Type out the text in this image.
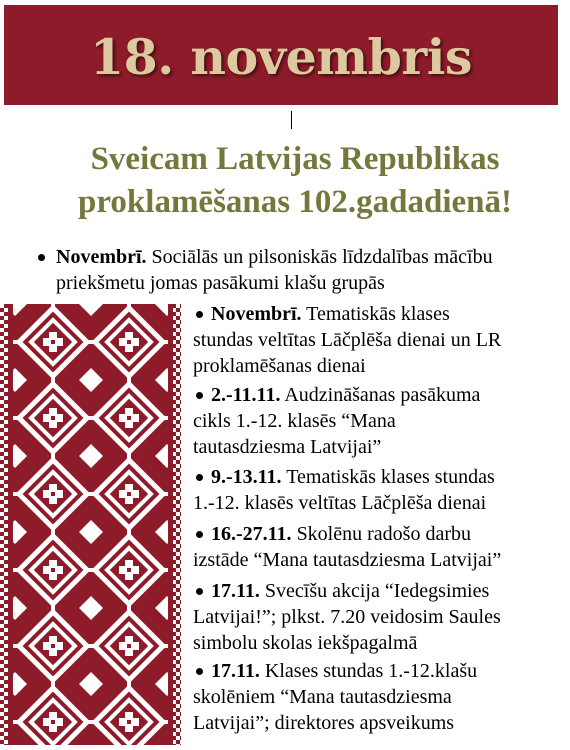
18. novembris
Sveicam Latvijas Republikas
proklamēšanas 102.gadadienā!
Novembrī. Sociālās un pilsoniskās līdzdalības mācību
priekšmetu jomas pasākumi klašu grupās
Novembrī. Tematiskās klases
stundas veltītas Lāčplēša dienai un LR
proklamēšanas dienai
2.-11.11. Audzināšanas pasākuma
cikls 1.-12. klasēs “Mana
tautasdziesma Latvijai”
9.-13.11. Tematiskās klases stundas
1.-12. klasēs veltītas Lāčplēša dienai
16.-27.11. Skolēnu radošo darbu
izstāde “Mana tautasdziesma Latvijai”
17.11. Svecīšu akcija “Iedegsimies
Latvijai!”; plkst. 7.20 veidosim Saules
simbolu skolas iekšpagalmā
17.11. Klases stundas 1.-12.klašu
skolēniem “Mana tautasdziesma
Latvijai”; direktores apsveikums
